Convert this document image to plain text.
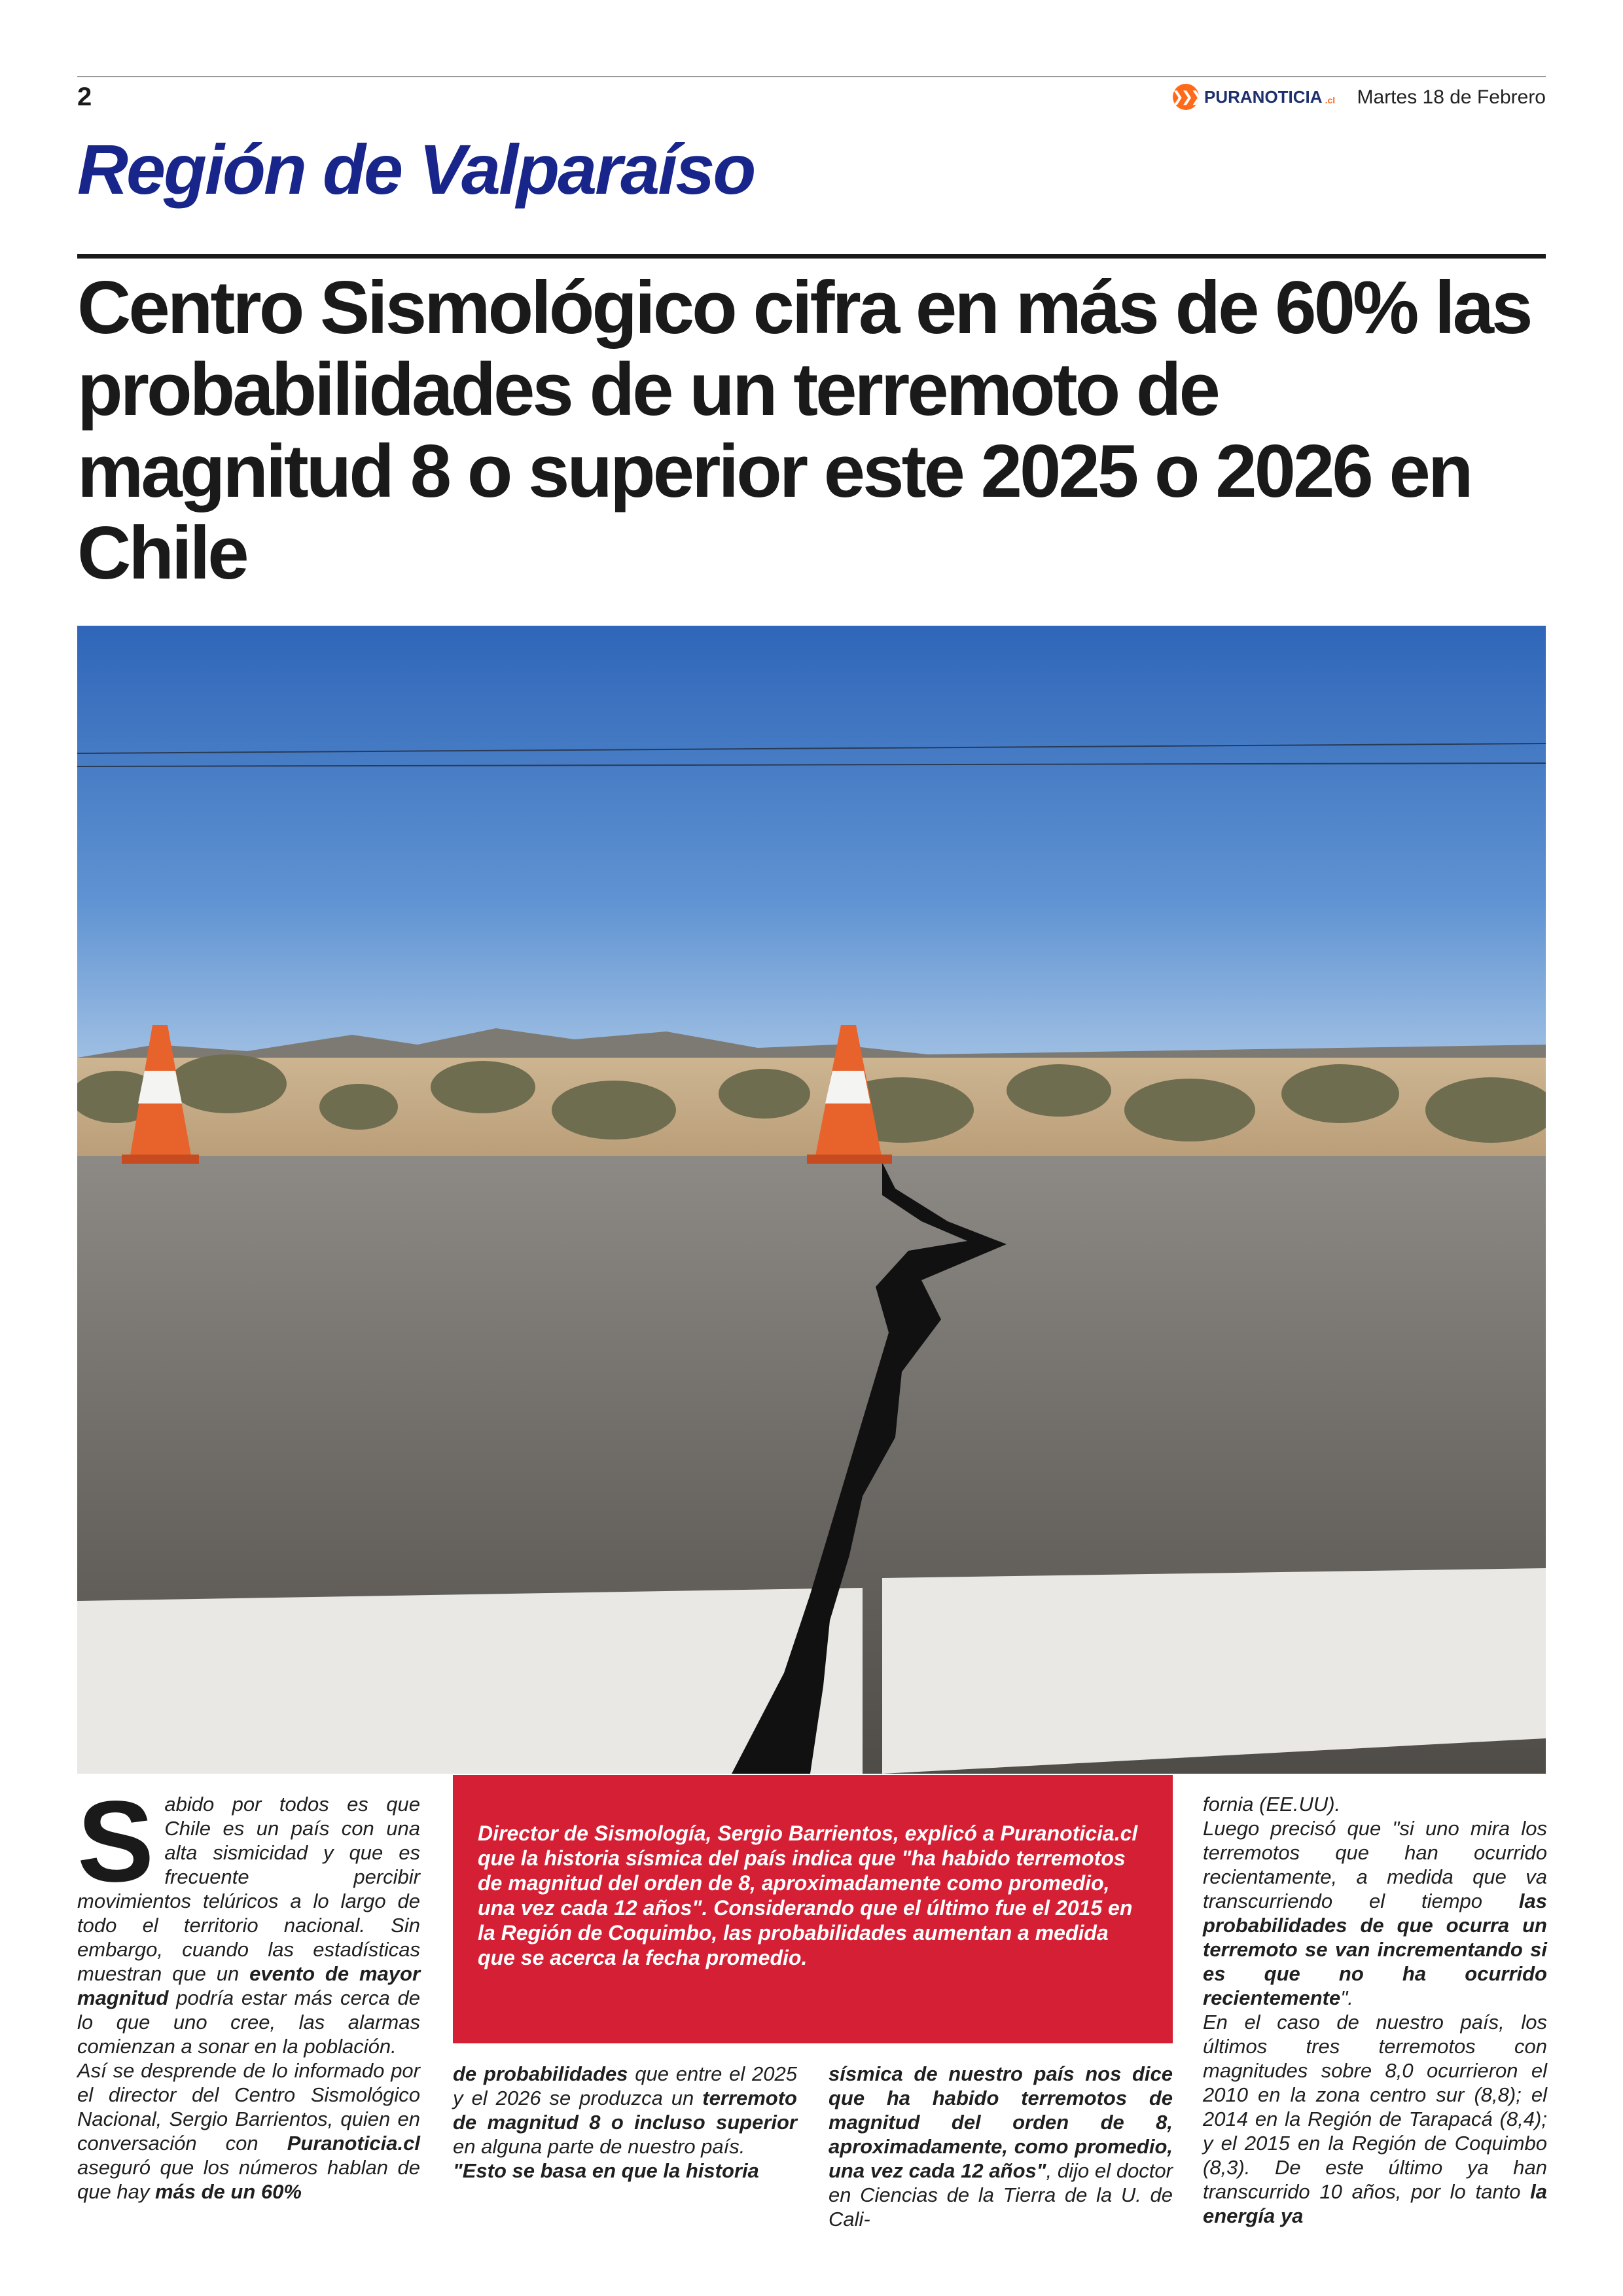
2	❯❯❯ PURANOTICIA .cl Martes 18 de Febrero
Región de Valparaíso
Centro Sismológico cifra en más de 60% las probabilidades de un terremoto de magnitud 8 o superior este 2025 o 2026 en Chile

S abido por todos es que Chile es un país con una alta sismicidad y que es frecuente percibir movimientos telúricos a lo largo de todo el territorio nacional. Sin embargo, cuando las estadísticas muestran que un evento de mayor magnitud podría estar más cerca de lo que uno cree, las alarmas comienzan a sonar en la población.

Así se desprende de lo informado por el director del Centro Sismológico Nacional, Sergio Barrientos, quien en conversación con Puranoticia.cl aseguró que los números hablan de que hay más de un 60%

Director de Sismología, Sergio Barrientos, explicó a Puranoticia.cl que la historia sísmica del país indica que "ha habido terremotos de magnitud del orden de 8, aproximadamente como promedio, una vez cada 12 años". Considerando que el último fue el 2015 en la Región de Coquimbo, las probabilidades aumentan a medida que se acerca la fecha promedio.

de probabilidades que entre el 2025 y el 2026 se produzca un terremoto de magnitud 8 o incluso superior en alguna parte de nuestro país.

"Esto se basa en que la historia

sísmica de nuestro país nos dice que ha habido terremotos de magnitud del orden de 8, aproximadamente, como promedio, una vez cada 12 años", dijo el doctor en Ciencias de la Tierra de la U. de Cali-

fornia (EE.UU).

Luego precisó que "si uno mira los terremotos que han ocurrido recientamente, a medida que va transcurriendo el tiempo las probabilidades de que ocurra un terremoto se van incrementando si es que no ha ocurrido recientemente".

En el caso de nuestro país, los últimos tres terremotos con magnitudes sobre 8,0 ocurrieron el 2010 en la zona centro sur (8,8); el 2014 en la Región de Tarapacá (8,4); y el 2015 en la Región de Coquimbo (8,3). De este último ya han transcurrido 10 años, por lo tanto la energía ya
